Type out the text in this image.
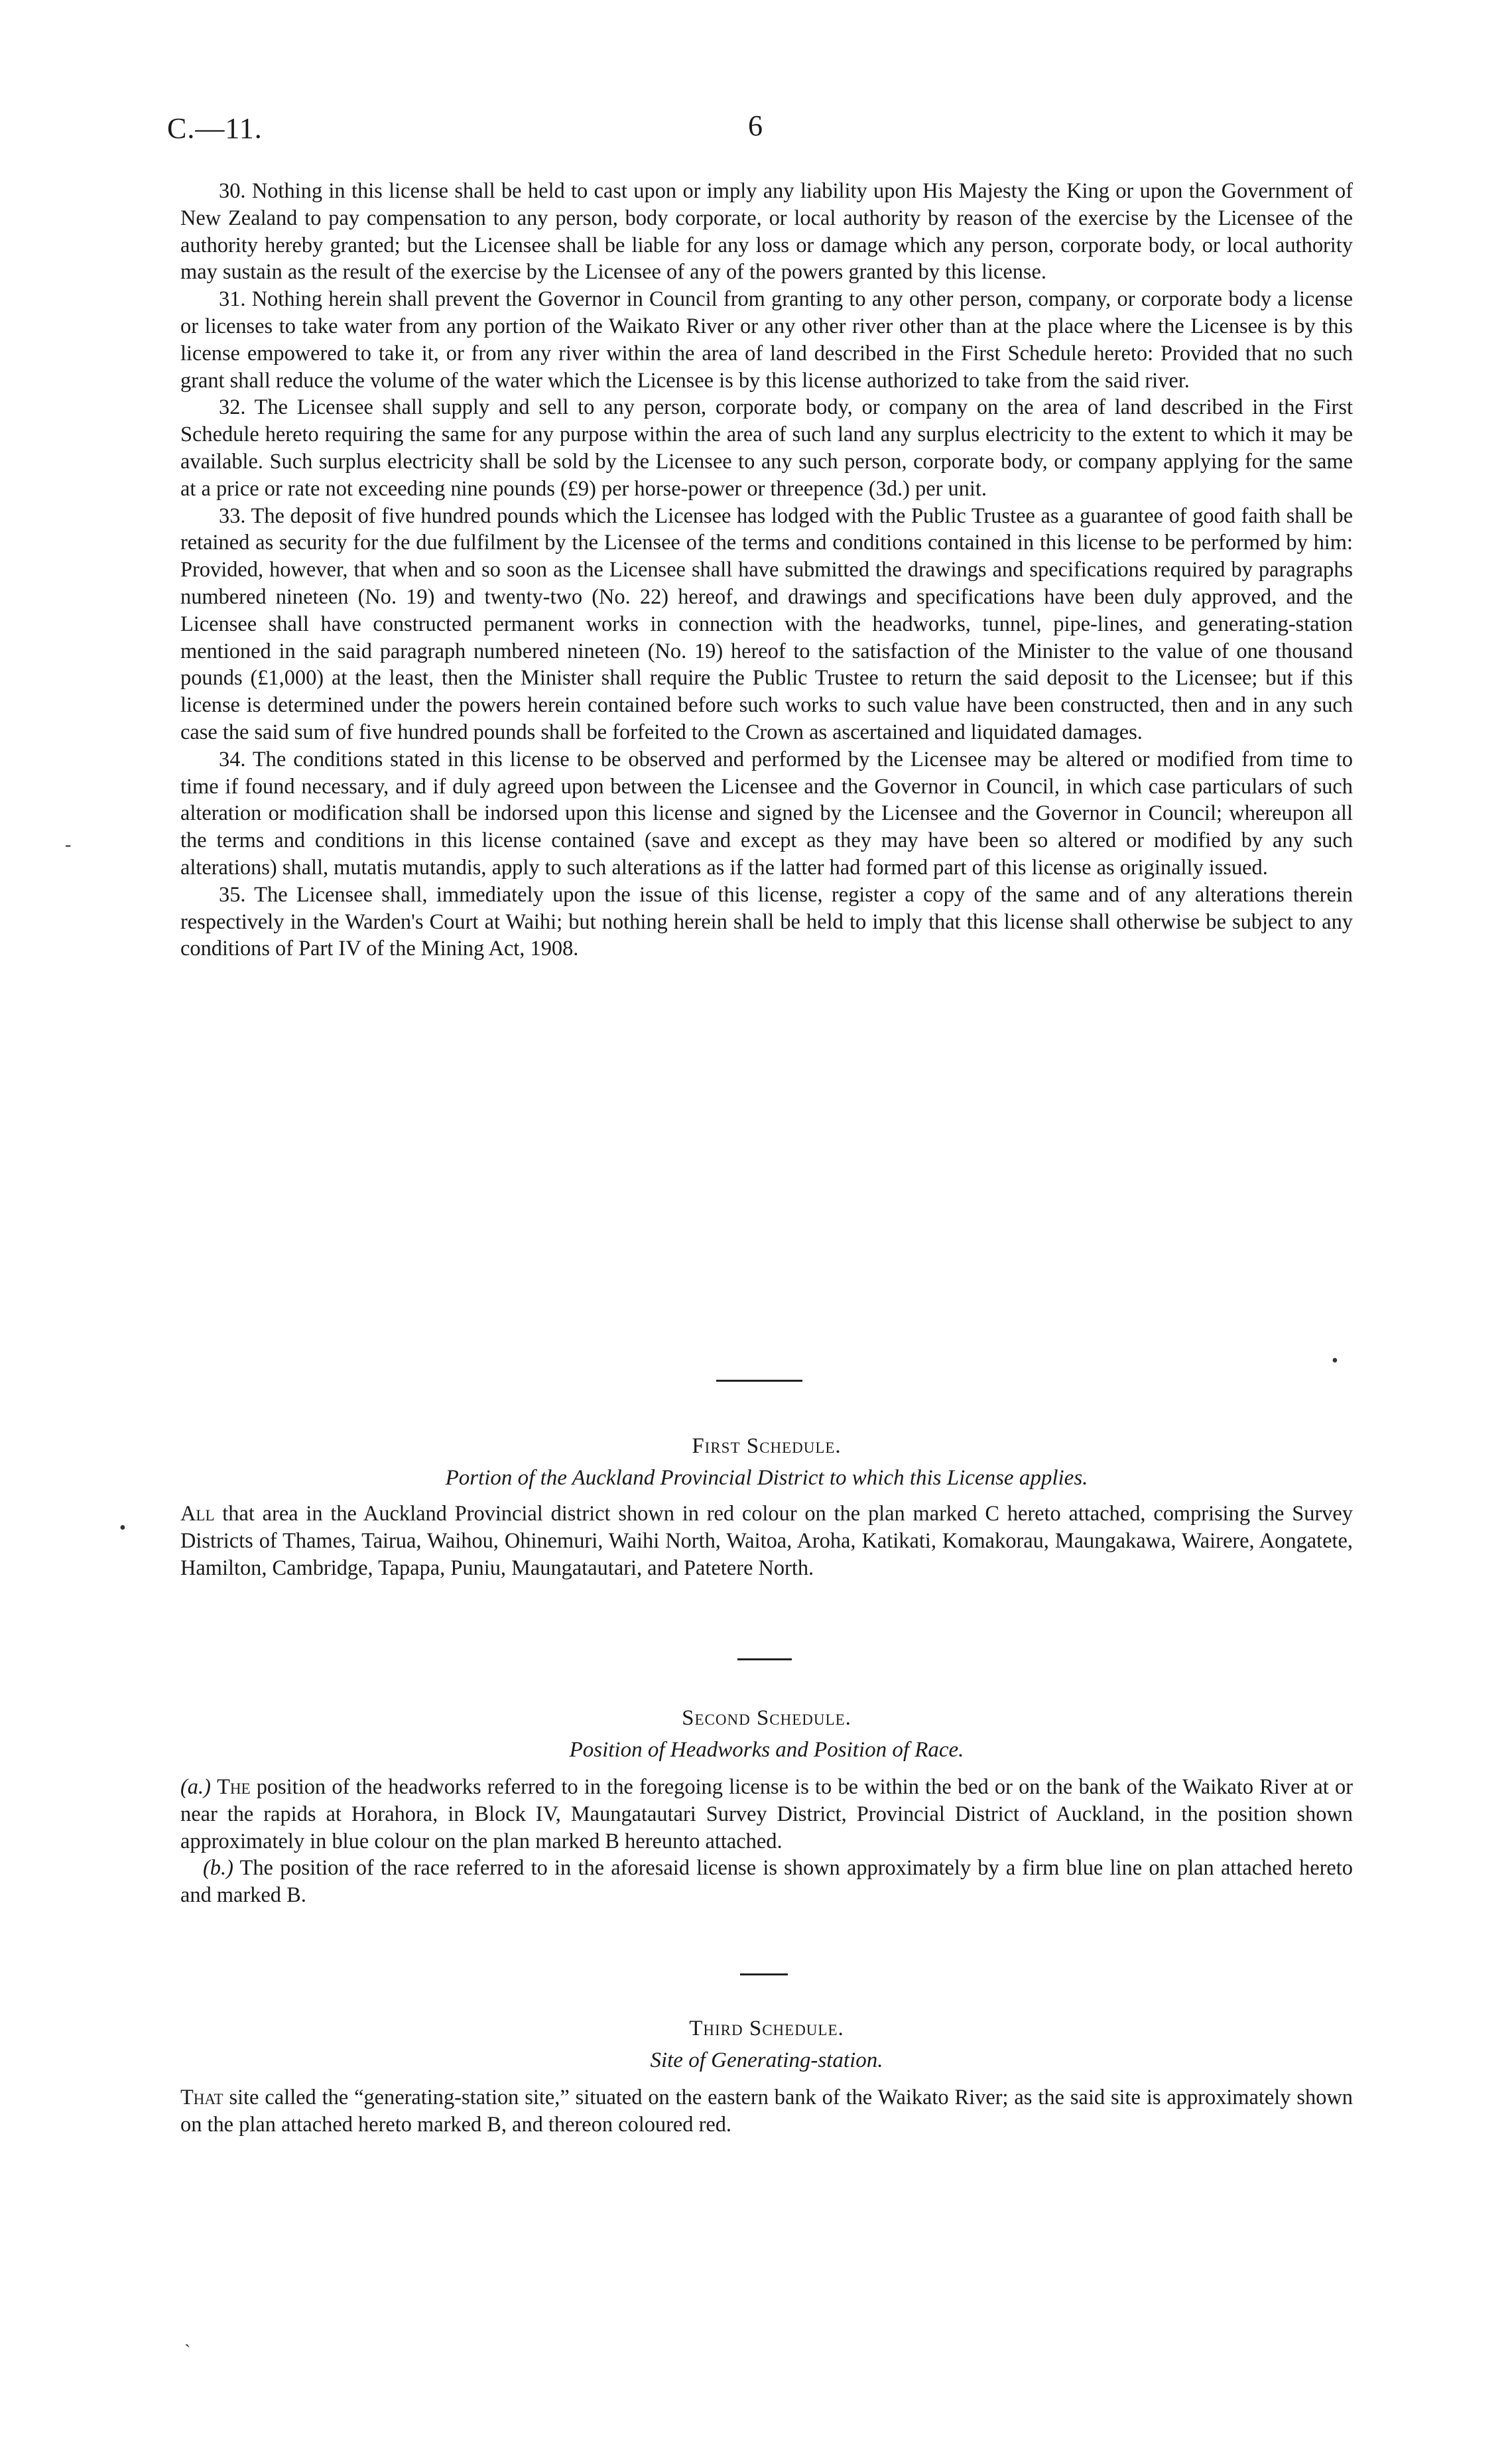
C.—11.	6

30. Nothing in this license shall be held to cast upon or imply any liability upon His Majesty the King or upon the Government of New Zealand to pay compensation to any person, body corporate, or local authority by reason of the exercise by the Licensee of the authority hereby granted; but the Licensee shall be liable for any loss or damage which any person, corporate body, or local authority may sustain as the result of the exercise by the Licensee of any of the powers granted by this license.

31. Nothing herein shall prevent the Governor in Council from granting to any other person, company, or corporate body a license or licenses to take water from any portion of the Waikato River or any other river other than at the place where the Licensee is by this license empowered to take it, or from any river within the area of land described in the First Schedule hereto: Provided that no such grant shall reduce the volume of the water which the Licensee is by this license authorized to take from the said river.

32. The Licensee shall supply and sell to any person, corporate body, or company on the area of land described in the First Schedule hereto requiring the same for any purpose within the area of such land any surplus electricity to the extent to which it may be available. Such surplus electricity shall be sold by the Licensee to any such person, corporate body, or company applying for the same at a price or rate not exceeding nine pounds (£9) per horse-power or threepence (3d.) per unit.

33. The deposit of five hundred pounds which the Licensee has lodged with the Public Trustee as a guarantee of good faith shall be retained as security for the due fulfilment by the Licensee of the terms and conditions contained in this license to be performed by him: Provided, however, that when and so soon as the Licensee shall have submitted the drawings and specifications required by paragraphs numbered nineteen (No. 19) and twenty-two (No. 22) hereof, and drawings and specifications have been duly approved, and the Licensee shall have constructed permanent works in connection with the headworks, tunnel, pipe-lines, and generating-station mentioned in the said paragraph numbered nineteen (No. 19) hereof to the satisfaction of the Minister to the value of one thousand pounds (£1,000) at the least, then the Minister shall require the Public Trustee to return the said deposit to the Licensee; but if this license is determined under the powers herein contained before such works to such value have been constructed, then and in any such case the said sum of five hundred pounds shall be forfeited to the Crown as ascertained and liquidated damages.

34. The conditions stated in this license to be observed and performed by the Licensee may be altered or modified from time to time if found necessary, and if duly agreed upon between the Licensee and the Governor in Council, in which case particulars of such alteration or modification shall be indorsed upon this license and signed by the Licensee and the Governor in Council; whereupon all the terms and conditions in this license contained (save and except as they may have been so altered or modified by any such alterations) shall, mutatis mutandis, apply to such alterations as if the latter had formed part of this license as originally issued.

35. The Licensee shall, immediately upon the issue of this license, register a copy of the same and of any alterations therein respectively in the Warden's Court at Waihi; but nothing herein shall be held to imply that this license shall otherwise be subject to any conditions of Part IV of the Mining Act, 1908.

First Schedule.
Portion of the Auckland Provincial District to which this License applies.

All that area in the Auckland Provincial district shown in red colour on the plan marked C hereto attached, comprising the Survey Districts of Thames, Tairua, Waihou, Ohinemuri, Waihi North, Waitoa, Aroha, Katikati, Komakorau, Maungakawa, Wairere, Aongatete, Hamilton, Cambridge, Tapapa, Puniu, Maungatautari, and Patetere North.

Second Schedule.
Position of Headworks and Position of Race.

(a.) The position of the headworks referred to in the foregoing license is to be within the bed or on the bank of the Waikato River at or near the rapids at Horahora, in Block IV, Maungatautari Survey District, Provincial District of Auckland, in the position shown approximately in blue colour on the plan marked B hereunto attached.

(b.) The position of the race referred to in the aforesaid license is shown approximately by a firm blue line on plan attached hereto and marked B.

Third Schedule.
Site of Generating-station.

That site called the “generating-station site,” situated on the eastern bank of the Waikato River; as the said site is approximately shown on the plan attached hereto marked B, and thereon coloured red.

-
•
•
`
